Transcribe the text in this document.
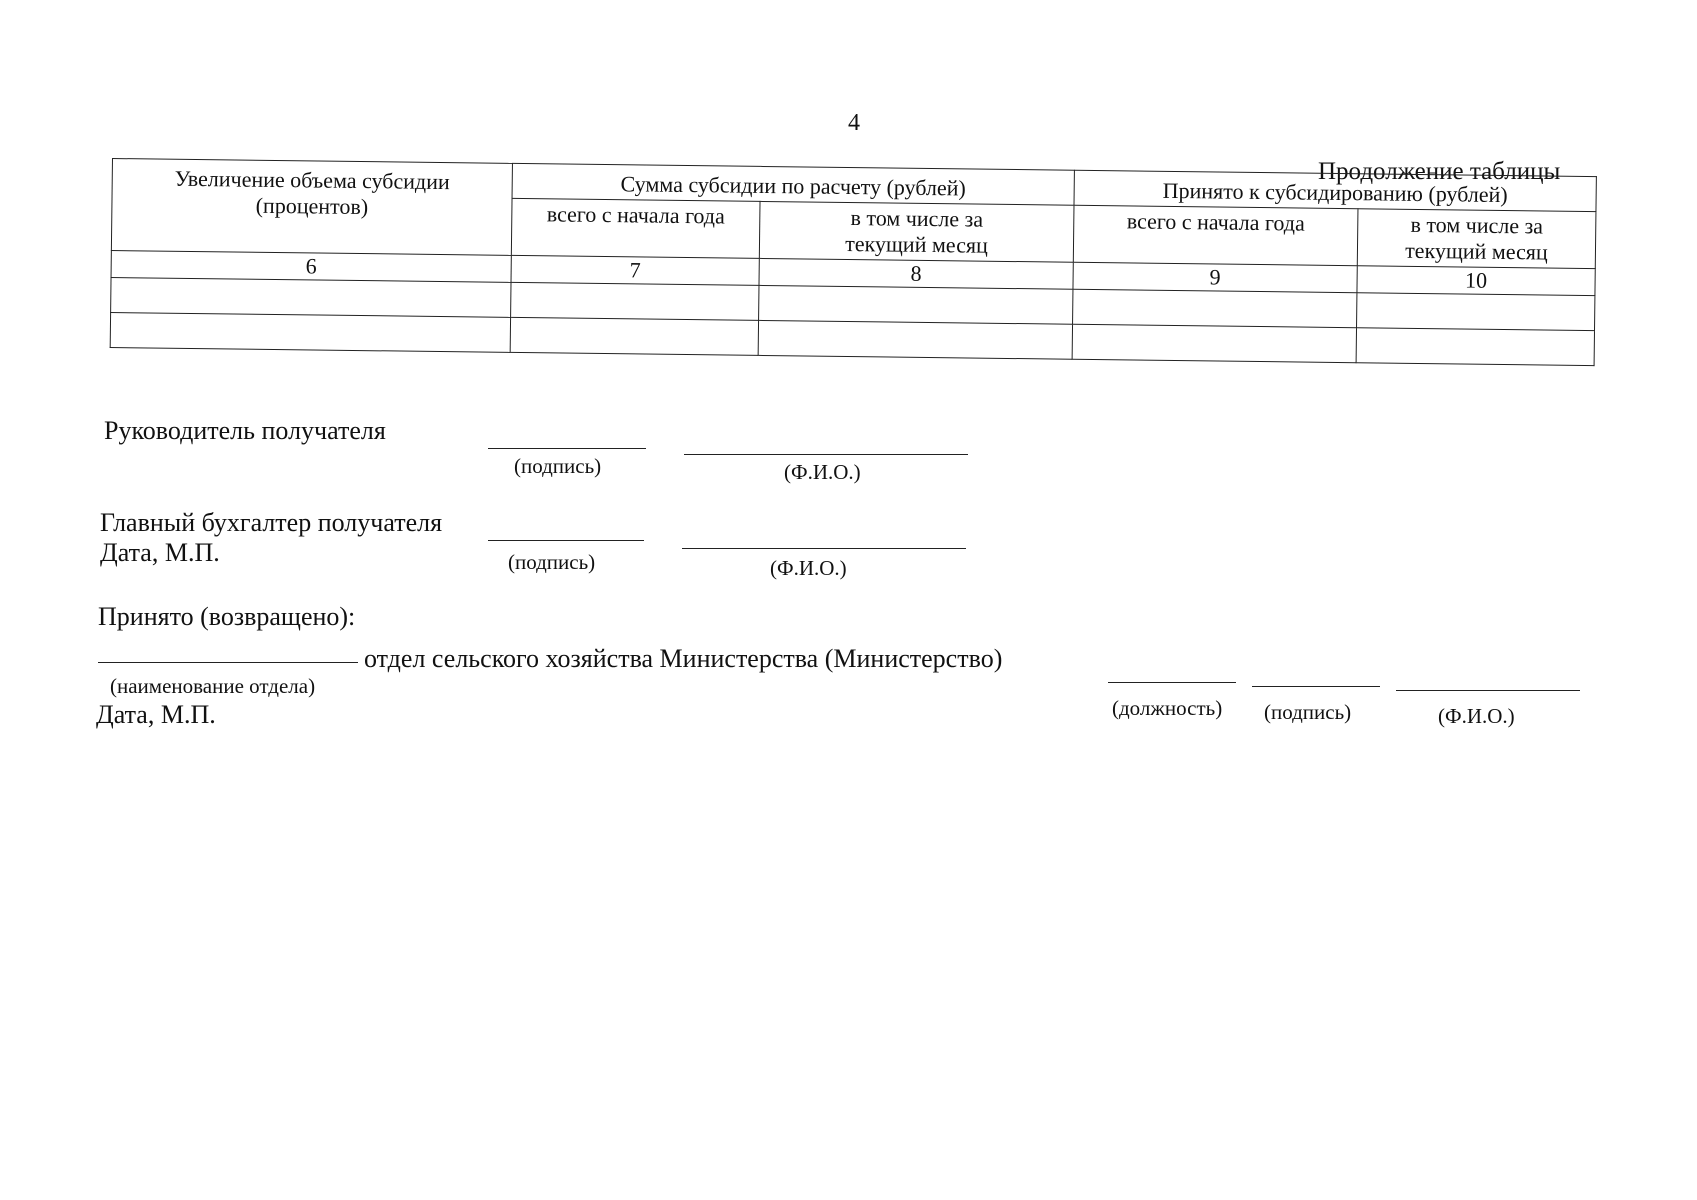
4
Продолжение таблицы
Увеличение объема субсидии (процентов)	Сумма субсидии по расчету (рублей)		Принято к субсидированию (рублей)	
	всего с начала года	в том числе за текущий месяц	всего с начала года	в том числе за текущий месяц
6	7	8	9	10

Руководитель получателя
(подпись)	(Ф.И.О.)
Главный бухгалтер получателя
Дата, М.П.	(подпись)	(Ф.И.О.)
Принято (возвращено):
отдел сельского хозяйства Министерства (Министерство)
(наименование отдела)
Дата, М.П.	(должность) (подпись)	(Ф.И.О.)
